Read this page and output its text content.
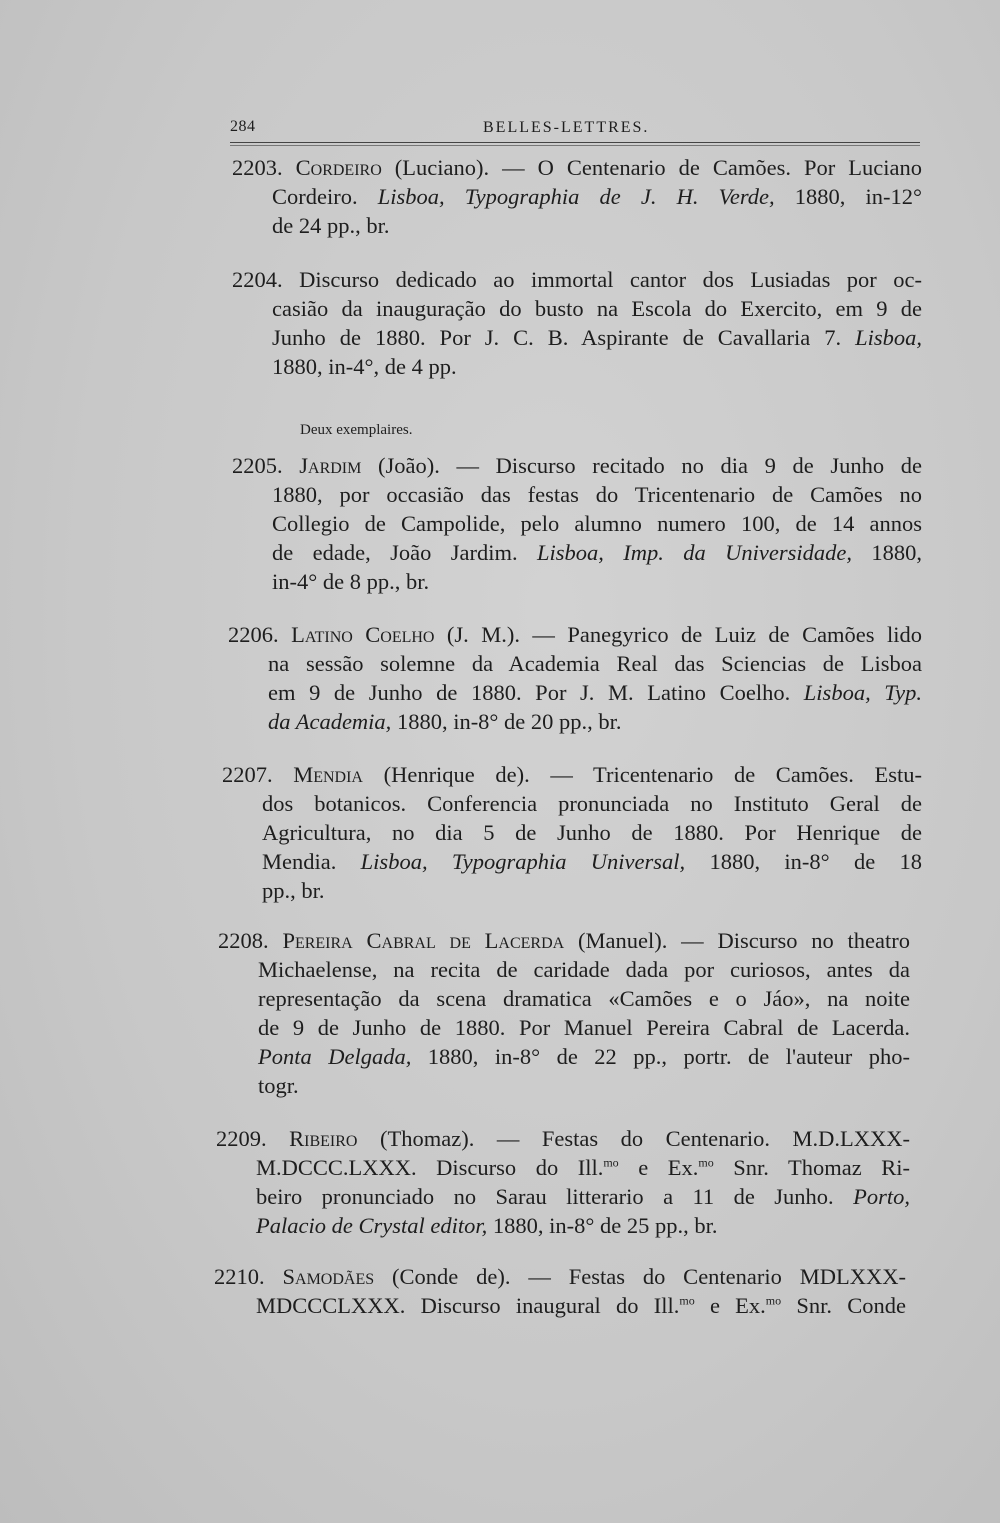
284	BELLES-LETTRES.
2203. Cordeiro (Luciano). — O Centenario de Camões. Por Luciano
Cordeiro. Lisboa, Typographia de J. H. Verde, 1880, in-12°
de 24 pp., br.
2204. Discurso dedicado ao immortal cantor dos Lusiadas por oc-
casião da inauguração do busto na Escola do Exercito, em 9 de
Junho de 1880. Por J. C. B. Aspirante de Cavallaria 7. Lisboa,
1880, in-4°, de 4 pp.
Deux exemplaires.
2205. Jardim (João). — Discurso recitado no dia 9 de Junho de
1880, por occasião das festas do Tricentenario de Camões no
Collegio de Campolide, pelo alumno numero 100, de 14 annos
de edade, João Jardim. Lisboa, Imp. da Universidade, 1880,
in-4° de 8 pp., br.
2206. Latino Coelho (J. M.). — Panegyrico de Luiz de Camões lido
na sessão solemne da Academia Real das Sciencias de Lisboa
em 9 de Junho de 1880. Por J. M. Latino Coelho. Lisboa, Typ.
da Academia, 1880, in-8° de 20 pp., br.
2207. Mendia (Henrique de). — Tricentenario de Camões. Estu-
dos botanicos. Conferencia pronunciada no Instituto Geral de
Agricultura, no dia 5 de Junho de 1880. Por Henrique de
Mendia. Lisboa, Typographia Universal, 1880, in-8° de 18
pp., br.
2208. Pereira Cabral de Lacerda (Manuel). — Discurso no theatro
Michaelense, na recita de caridade dada por curiosos, antes da
representação da scena dramatica «Camões e o Jáo», na noite
de 9 de Junho de 1880. Por Manuel Pereira Cabral de Lacerda.
Ponta Delgada, 1880, in-8° de 22 pp., portr. de l'auteur pho-
togr.
2209. Ribeiro (Thomaz). — Festas do Centenario. M.D.LXXX-
M.DCCC.LXXX. Discurso do Ill.$^{mo}$ e Ex.$^{mo}$ Snr. Thomaz Ri-
beiro pronunciado no Sarau litterario a 11 de Junho. Porto,
Palacio de Crystal editor, 1880, in-8° de 25 pp., br.
2210. Samodães (Conde de). — Festas do Centenario MDLXXX-
MDCCCLXXX. Discurso inaugural do Ill.$^{mo}$ e Ex.$^{mo}$ Snr. Conde
